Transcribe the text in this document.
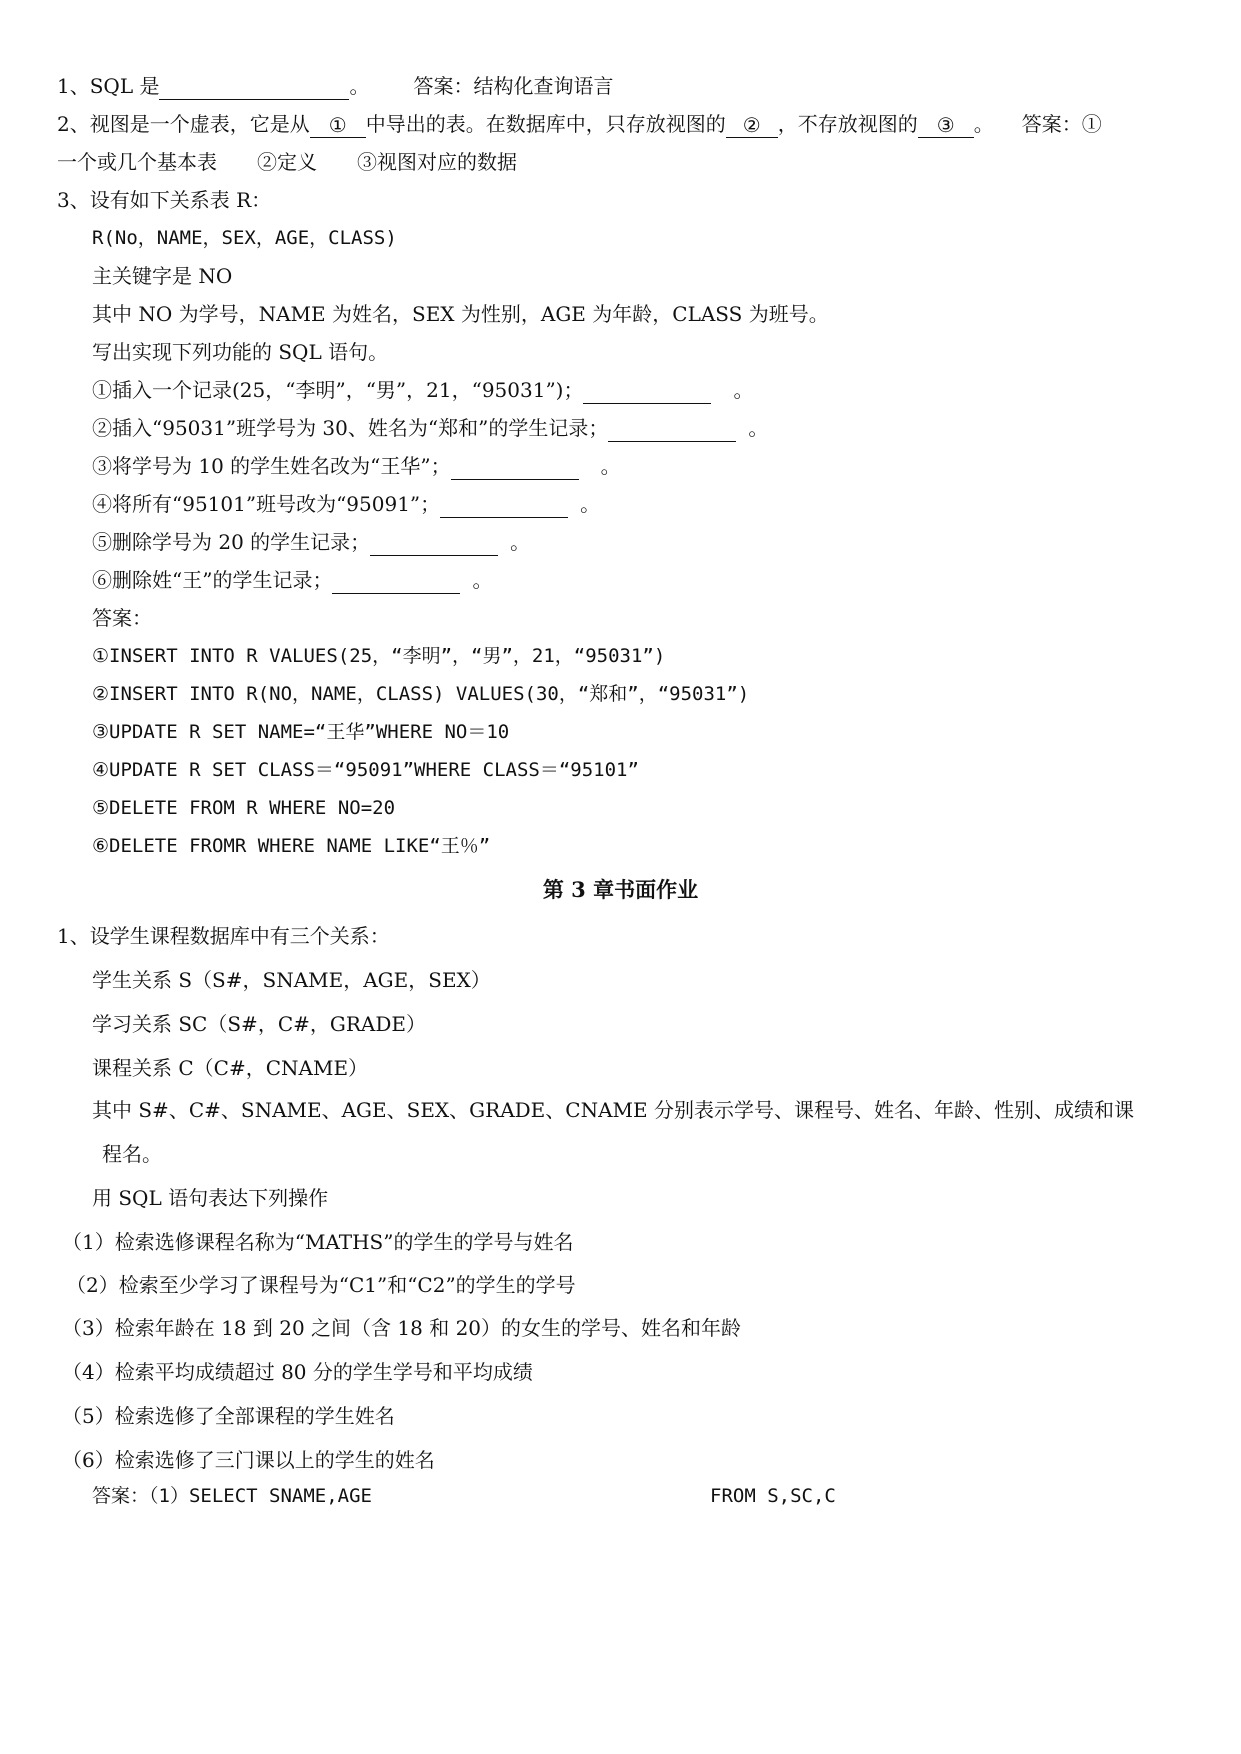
1、SQL 是	。 答案：结构化查询语言
2、视图是一个虚表，它是从 ① 中导出的表。在数据库中，只存放视图的 ② ，不存放视图的 ③ 。 答案：①
一个或几个基本表　　②定义　　③视图对应的数据
3、设有如下关系表 R：
R(No，NAME，SEX，AGE，CLASS)
主关键字是 NO
其中 NO 为学号，NAME 为姓名，SEX 为性别，AGE 为年龄，CLASS 为班号。
写出实现下列功能的 SQL 语句。
①插入一个记录(25，“李明”，“男”，21，“95031”)；	。
②插入“95031”班学号为 30、姓名为“郑和”的学生记录；	。
③将学号为 10 的学生姓名改为“王华”；	。
④将所有“95101”班号改为“95091”；	。
⑤删除学号为 20 的学生记录；	。
⑥删除姓“王”的学生记录；	。
答案：
①INSERT INTO R VALUES(25，“李明”，“男”，21，“95031”)
②INSERT INTO R(NO，NAME，CLASS) VALUES(30，“郑和”，“95031”)
③UPDATE R SET NAME=“王华”WHERE NO＝10
④UPDATE R SET CLASS＝“95091”WHERE CLASS＝“95101”
⑤DELETE FROM R WHERE NO=20
⑥DELETE FROMR WHERE NAME LIKE“王％”
第 3 章书面作业
1、设学生课程数据库中有三个关系：
学生关系 S（S#，SNAME，AGE，SEX）
学习关系 SC（S#，C#，GRADE）
课程关系 C（C#，CNAME）
其中 S#、C#、SNAME、AGE、SEX、GRADE、CNAME 分别表示学号、课程号、姓名、年龄、性别、成绩和课
程名。
用 SQL 语句表达下列操作
（1）检索选修课程名称为“MATHS”的学生的学号与姓名
（2）检索至少学习了课程号为“C1”和“C2”的学生的学号
（3）检索年龄在 18 到 20 之间（含 18 和 20）的女生的学号、姓名和年龄
（4）检索平均成绩超过 80 分的学生学号和平均成绩
（5）检索选修了全部课程的学生姓名
（6）检索选修了三门课以上的学生的姓名
答案：（1）SELECT SNAME,AGE	FROM S,SC,C
